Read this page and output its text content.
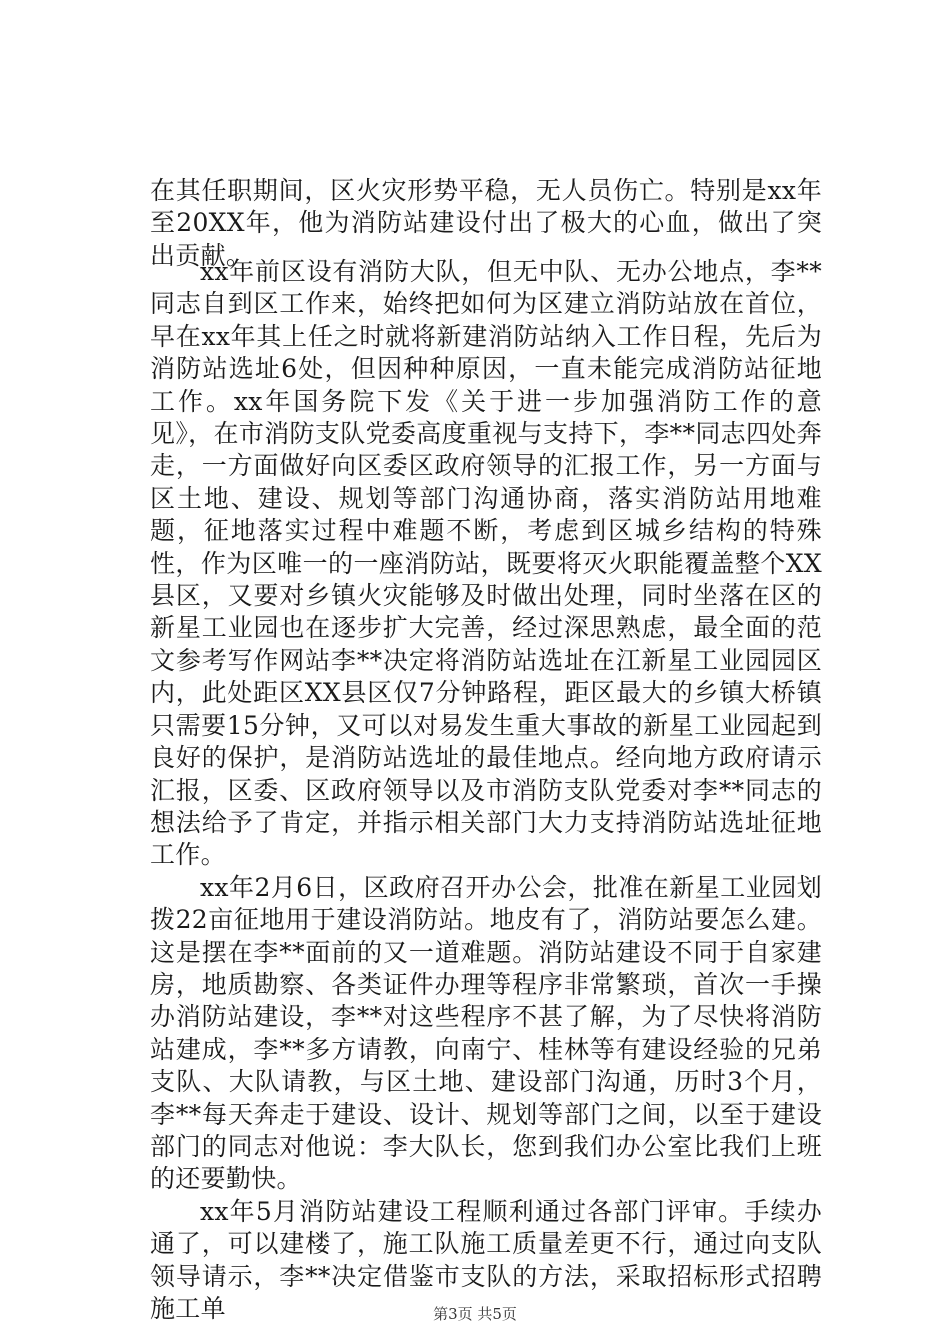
在其任职期间，区火灾形势平稳，无人员伤亡。特别是xx年至20XX年，他为消防站建设付出了极大的心血，做出了突出贡献。

xx年前区设有消防大队，但无中队、无办公地点，李**同志自到区工作来，始终把如何为区建立消防站放在首位，早在xx年其上任之时就将新建消防站纳入工作日程，先后为消防站选址6处，但因种种原因，一直未能完成消防站征地工作。xx年国务院下发《关于进一步加强消防工作的意见》，在市消防支队党委高度重视与支持下，李**同志四处奔走，一方面做好向区委区政府领导的汇报工作，另一方面与区土地、建设、规划等部门沟通协商，落实消防站用地难题，征地落实过程中难题不断，考虑到区城乡结构的特殊性，作为区唯一的一座消防站，既要将灭火职能覆盖整个XX县区，又要对乡镇火灾能够及时做出处理，同时坐落在区的新星工业园也在逐步扩大完善，经过深思熟虑，最全面的范文参考写作网站李**决定将消防站选址在江新星工业园园区内，此处距区XX县区仅7分钟路程，距区最大的乡镇大桥镇只需要15分钟，又可以对易发生重大事故的新星工业园起到良好的保护，是消防站选址的最佳地点。经向地方政府请示汇报，区委、区政府领导以及市消防支队党委对李**同志的想法给予了肯定，并指示相关部门大力支持消防站选址征地工作。

xx年2月6日，区政府召开办公会，批准在新星工业园划拨22亩征地用于建设消防站。地皮有了，消防站要怎么建。这是摆在李**面前的又一道难题。消防站建设不同于自家建房，地质勘察、各类证件办理等程序非常繁琐，首次一手操办消防站建设，李**对这些程序不甚了解，为了尽快将消防站建成，李**多方请教，向南宁、桂林等有建设经验的兄弟支队、大队请教，与区土地、建设部门沟通，历时3个月，李**每天奔走于建设、设计、规划等部门之间，以至于建设部门的同志对他说：李大队长，您到我们办公室比我们上班的还要勤快。

xx年5月消防站建设工程顺利通过各部门评审。手续办通了，可以建楼了，施工队施工质量差更不行，通过向支队领导请示，李**决定借鉴市支队的方法，采取招标形式招聘施工单	第3页 共5页
